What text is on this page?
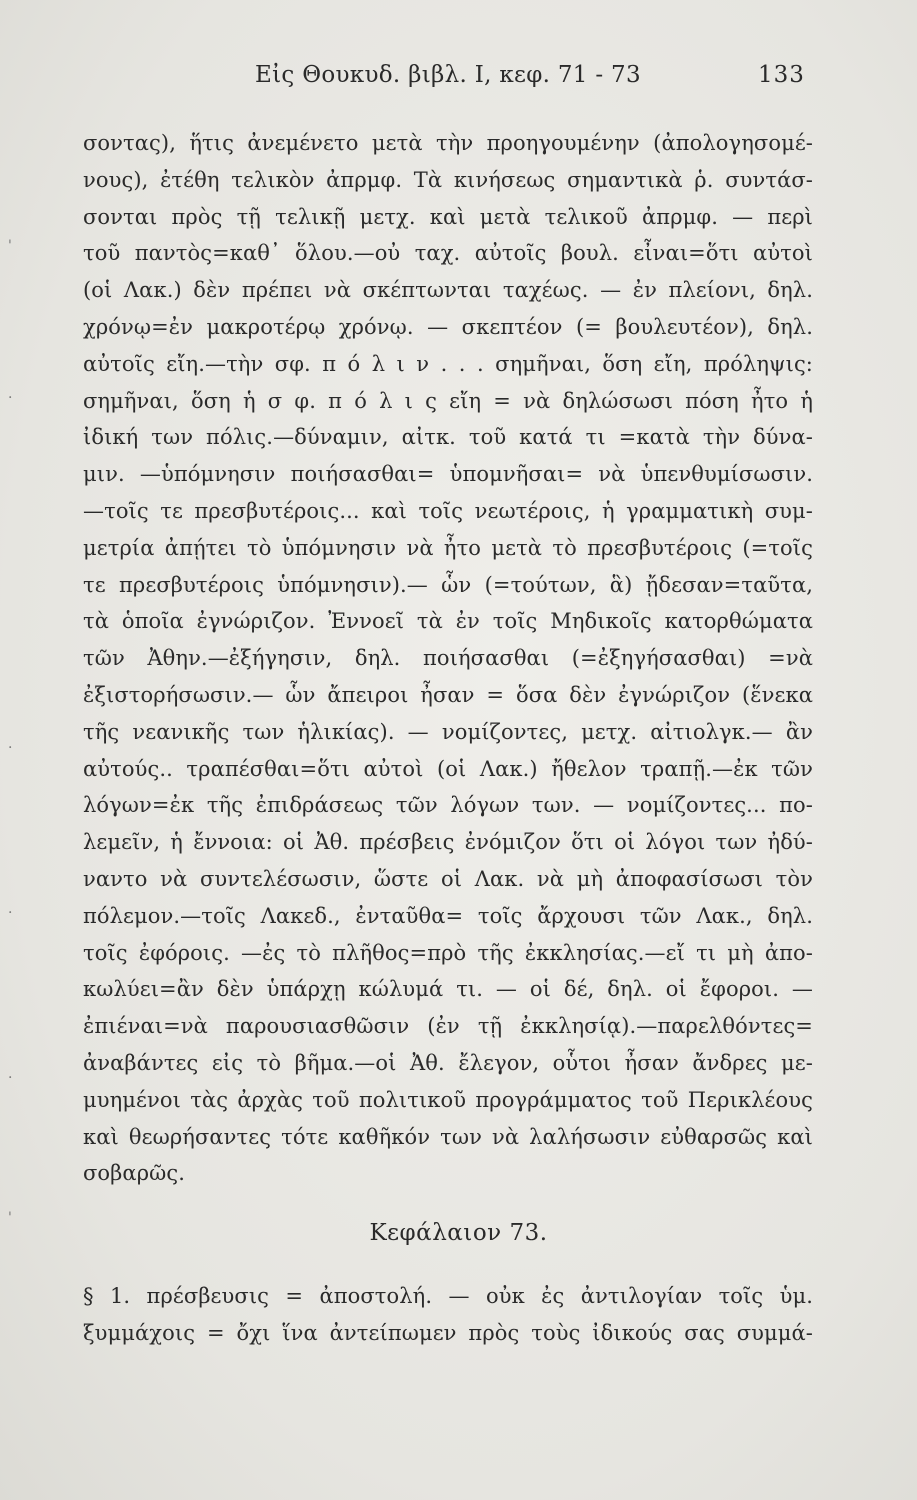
Εἰς Θουκυδ. βιβλ. I, κεφ. 71 - 73	133
σοντας), ἥτις ἀνεμένετο μετὰ τὴν προηγουμένην (ἀπολογησομέ-
νους), ἐτέθη τελικὸν ἀπρμφ. Τὰ κινήσεως σημαντικὰ ῥ. συντάσ-
σονται πρὸς τῇ τελικῇ μετχ. καὶ μετὰ τελικοῦ ἀπρμφ. — περὶ
τοῦ παντὸς=καθ᾽ ὅλου.—οὐ ταχ. αὐτοῖς βουλ. εἶναι=ὅτι αὐτοὶ
(οἱ Λακ.) δὲν πρέπει νὰ σκέπτωνται ταχέως. — ἐν πλείονι, δηλ.
χρόνῳ=ἐν μακροτέρῳ χρόνῳ. — σκεπτέον (= βουλευτέον), δηλ.
αὐτοῖς εἴη.—τὴν σφ. π ό λ ι ν . . . σημῆναι, ὅση εἴη, πρόληψις:
σημῆναι, ὅση ἡ σ φ. π ό λ ι ς εἴη = νὰ δηλώσωσι πόση ἦτο ἡ
ἰδική των πόλις.—δύναμιν, αἰτκ. τοῦ κατά τι =κατὰ τὴν δύνα-
μιν. —ὑπόμνησιν ποιήσασθαι= ὑπομνῆσαι= νὰ ὑπενθυμίσωσιν.
—τοῖς τε πρεσβυτέροις... καὶ τοῖς νεωτέροις, ἡ γραμματικὴ συμ-
μετρία ἀπῄτει τὸ ὑπόμνησιν νὰ ἦτο μετὰ τὸ πρεσβυτέροις (=τοῖς
τε πρεσβυτέροις ὑπόμνησιν).— ὧν (=τούτων, ἃ) ᾔδεσαν=ταῦτα,
τὰ ὁποῖα ἐγνώριζον. Ἐννοεῖ τὰ ἐν τοῖς Μηδικοῖς κατορθώματα
τῶν Ἀθην.—ἐξήγησιν, δηλ. ποιήσασθαι (=ἐξηγήσασθαι) =νὰ
ἐξιστορήσωσιν.— ὧν ἄπειροι ἦσαν = ὅσα δὲν ἐγνώριζον (ἕνεκα
τῆς νεανικῆς των ἡλικίας). — νομίζοντες, μετχ. αἰτιολγκ.— ἂν
αὐτούς.. τραπέσθαι=ὅτι αὐτοὶ (οἱ Λακ.) ἤθελον τραπῇ.—ἐκ τῶν
λόγων=ἐκ τῆς ἐπιδράσεως τῶν λόγων των. — νομίζοντες... πο-
λεμεῖν, ἡ ἔννοια: οἱ Ἀθ. πρέσβεις ἐνόμιζον ὅτι οἱ λόγοι των ἠδύ-
ναντο νὰ συντελέσωσιν, ὥστε οἱ Λακ. νὰ μὴ ἀποφασίσωσι τὸν
πόλεμον.—τοῖς Λακεδ., ἐνταῦθα= τοῖς ἄρχουσι τῶν Λακ., δηλ.
τοῖς ἐφόροις. —ἐς τὸ πλῆθος=πρὸ τῆς ἐκκλησίας.—εἴ τι μὴ ἀπο-
κωλύει=ἂν δὲν ὑπάρχῃ κώλυμά τι. — οἱ δέ, δηλ. οἱ ἔφοροι. —
ἐπιέναι=νὰ παρουσιασθῶσιν (ἐν τῇ ἐκκλησίᾳ).—παρελθόντες=
ἀναβάντες εἰς τὸ βῆμα.—οἱ Ἀθ. ἔλεγον, οὗτοι ἦσαν ἄνδρες με-
μυημένοι τὰς ἀρχὰς τοῦ πολιτικοῦ προγράμματος τοῦ Περικλέους
καὶ θεωρήσαντες τότε καθῆκόν των νὰ λαλήσωσιν εὐθαρσῶς καὶ
σοβαρῶς.
Κεφάλαιον 73.
§ 1. πρέσβευσις = ἀποστολή. — οὐκ ἐς ἀντιλογίαν τοῖς ὑμ.
ξυμμάχοις = ὄχι ἵνα ἀντείπωμεν πρὸς τοὺς ἰδικούς σας συμμά-
'
·
·
·
·
'
